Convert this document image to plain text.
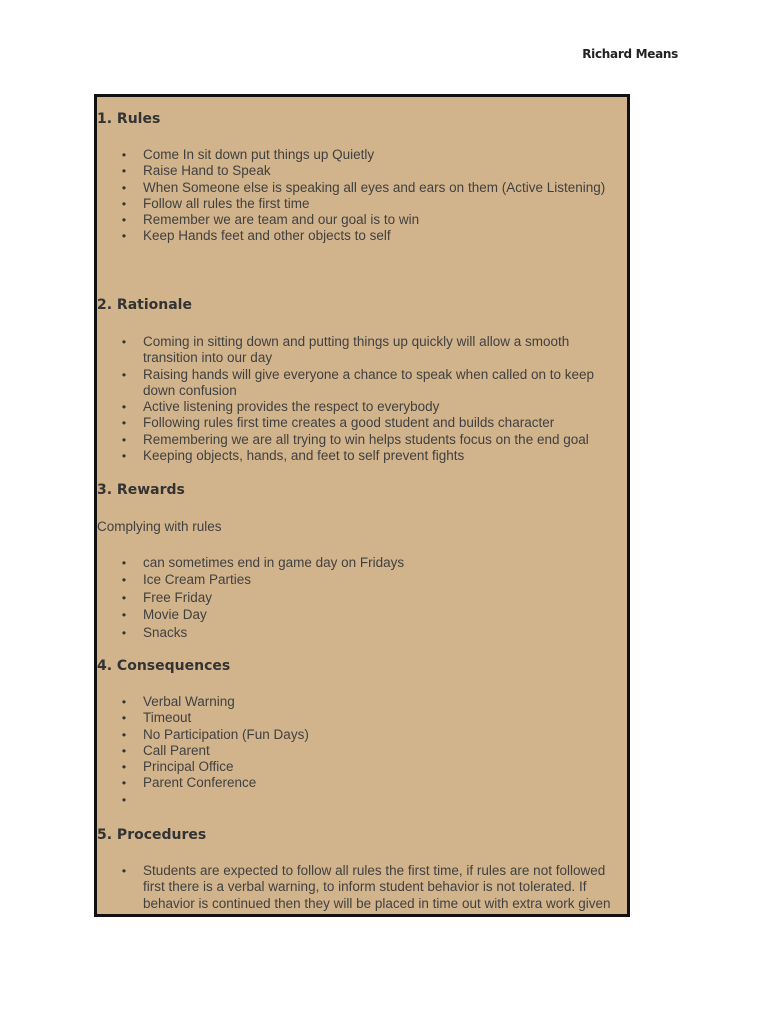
Richard Means
1. Rules
• Come In sit down put things up Quietly
• Raise Hand to Speak
• When Someone else is speaking all eyes and ears on them (Active Listening)
• Follow all rules the first time
• Remember we are team and our goal is to win
• Keep Hands feet and other objects to self
2. Rationale
• Coming in sitting down and putting things up quickly will allow a smooth transition into our day
• Raising hands will give everyone a chance to speak when called on to keep down confusion
• Active listening provides the respect to everybody
• Following rules first time creates a good student and builds character
• Remembering we are all trying to win helps students focus on the end goal
• Keeping objects, hands, and feet to self prevent fights
3. Rewards

Complying with rules

• can sometimes end in game day on Fridays
• Ice Cream Parties
• Free Friday
• Movie Day
• Snacks
4. Consequences
• Verbal Warning
• Timeout
• No Participation (Fun Days)
• Call Parent
• Principal Office
• Parent Conference
•
5. Procedures
• Students are expected to follow all rules the first time, if rules are not followed first there is a verbal warning, to inform student behavior is not tolerated. If behavior is continued then they will be placed in time out with extra work given
